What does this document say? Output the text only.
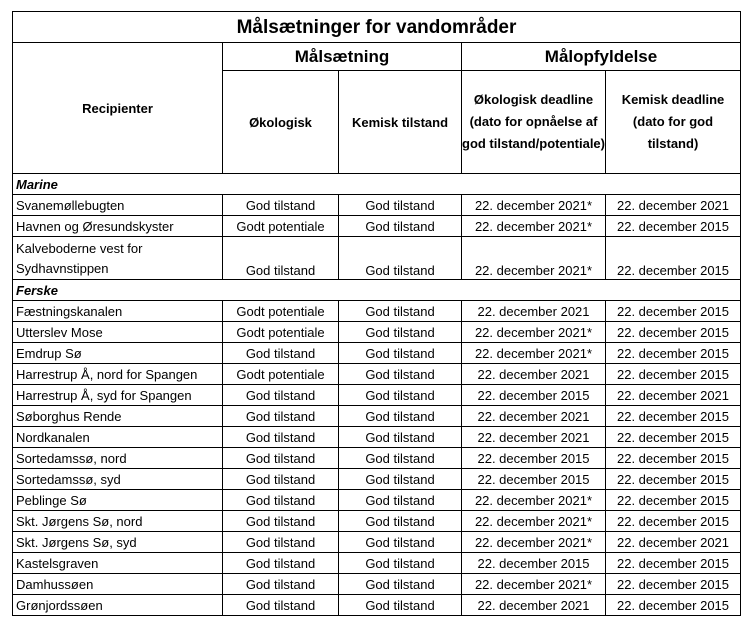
Målsætninger for vandområder				
Recipienter	Målsætning		Målopfyldelse	
	Økologisk	Kemisk tilstand	Økologisk deadline (dato for opnåelse af god tilstand/potentiale)	Kemisk deadline (dato for god tilstand)
Marine				
Svanemøllebugten	God tilstand	God tilstand	22. december 2021*	22. december 2021
Havnen og Øresundskyster	Godt potentiale	God tilstand	22. december 2021*	22. december 2015
Kalveboderne vest for Sydhavnstippen	God tilstand	God tilstand	22. december 2021*	22. december 2015
Ferske				
Fæstningskanalen	Godt potentiale	God tilstand	22. december 2021	22. december 2015
Utterslev Mose	Godt potentiale	God tilstand	22. december 2021*	22. december 2015
Emdrup Sø	God tilstand	God tilstand	22. december 2021*	22. december 2015
Harrestrup Å, nord for Spangen	Godt potentiale	God tilstand	22. december 2021	22. december 2015
Harrestrup Å, syd for Spangen	God tilstand	God tilstand	22. december 2015	22. december 2021
Søborghus Rende	God tilstand	God tilstand	22. december 2021	22. december 2015
Nordkanalen	God tilstand	God tilstand	22. december 2021	22. december 2015
Sortedamssø, nord	God tilstand	God tilstand	22. december 2015	22. december 2015
Sortedamssø, syd	God tilstand	God tilstand	22. december 2015	22. december 2015
Peblinge Sø	God tilstand	God tilstand	22. december 2021*	22. december 2015
Skt. Jørgens Sø, nord	God tilstand	God tilstand	22. december 2021*	22. december 2015
Skt. Jørgens Sø, syd	God tilstand	God tilstand	22. december 2021*	22. december 2021
Kastelsgraven	God tilstand	God tilstand	22. december 2015	22. december 2015
Damhussøen	God tilstand	God tilstand	22. december 2021*	22. december 2015
Grønjordssøen	God tilstand	God tilstand	22. december 2021	22. december 2015
